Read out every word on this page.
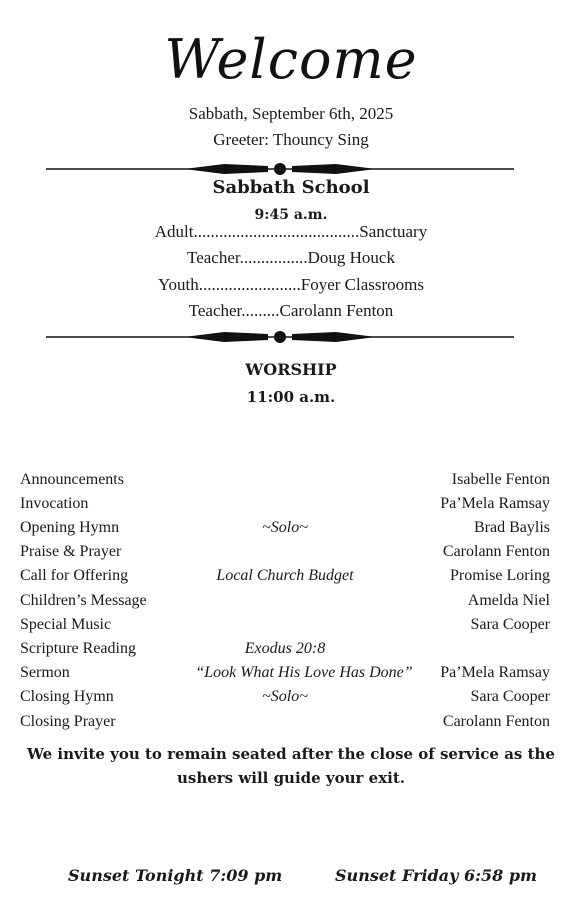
Welcome
Sabbath, September 6th, 2025
Greeter: Thouncy Sing
Sabbath School
9:45 a.m.
Adult.......................................Sanctuary
Teacher................Doug Houck
Youth........................Foyer Classrooms
Teacher.........Carolann Fenton
WORSHIP
11:00 a.m.
Announcements	Isabelle Fenton
Invocation	Pa’Mela Ramsay
Opening Hymn	~Solo~	Brad Baylis
Praise & Prayer	Carolann Fenton
Call for Offering	Local Church Budget	Promise Loring
Children’s Message	Amelda Niel
Special Music	Sara Cooper
Scripture Reading	Exodus 20:8
Sermon	“Look What His Love Has Done” Pa’Mela Ramsay
Closing Hymn	~Solo~	Sara Cooper
Closing Prayer	Carolann Fenton
We invite you to remain seated after the close of service as the ushers will guide your exit.
Sunset Tonight 7:09 pm	Sunset Friday 6:58 pm
